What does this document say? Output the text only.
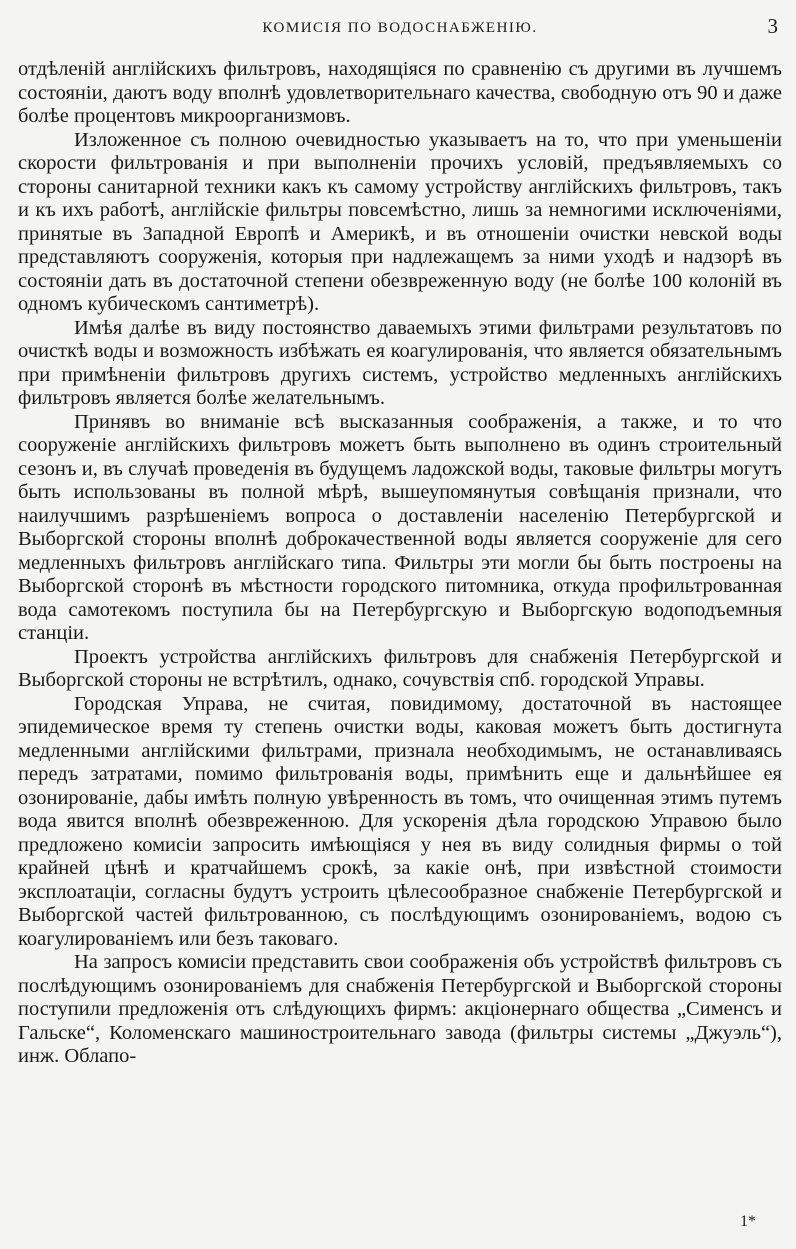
КОМИСІЯ ПО ВОДОСНАБЖЕНІЮ.	3

отдѣленій англійскихъ фильтровъ, находящіяся по сравненію съ другими въ лучшемъ состояніи, даютъ воду вполнѣ удовлетворительнаго качества, свободную отъ 90 и даже болѣе процентовъ микроорганизмовъ.

Изложенное съ полною очевидностью указываетъ на то, что при уменьшеніи скорости фильтрованія и при выполненіи прочихъ условій, предъявляемыхъ со стороны санитарной техники какъ къ самому устройству англійскихъ фильтровъ, такъ и къ ихъ работѣ, англійскіе фильтры повсемѣстно, лишь за немногими исключеніями, принятые въ Западной Европѣ и Америкѣ, и въ отношеніи очистки невской воды представляютъ сооруженія, которыя при надлежащемъ за ними уходѣ и надзорѣ въ состояніи дать въ достаточной степени обезвреженную воду (не болѣе 100 колоній въ одномъ кубическомъ сантиметрѣ).

Имѣя далѣе въ виду постоянство даваемыхъ этими фильтрами результатовъ по очисткѣ воды и возможность избѣжать ея коагулированія, что является обязательнымъ при примѣненіи фильтровъ другихъ системъ, устройство медленныхъ англійскихъ фильтровъ является болѣе желательнымъ.

Принявъ во вниманіе всѣ высказанныя соображенія, а также, и то что сооруженіе англійскихъ фильтровъ можетъ быть выполнено въ одинъ строительный сезонъ и, въ случаѣ проведенія въ будущемъ ладожской воды, таковые фильтры могутъ быть использованы въ полной мѣрѣ, вышеупомянутыя совѣщанія признали, что наилучшимъ разрѣшеніемъ вопроса о доставленіи населенію Петербургской и Выборгской стороны вполнѣ доброкачественной воды является сооруженіе для сего медленныхъ фильтровъ англійскаго типа. Фильтры эти могли бы быть построены на Выборгской сторонѣ въ мѣстности городского питомника, откуда профильтрованная вода самотекомъ поступила бы на Петербургскую и Выборгскую водоподъемныя станціи.

Проектъ устройства англійскихъ фильтровъ для снабженія Петербургской и Выборгской стороны не встрѣтилъ, однако, сочувствія спб. городской Управы.

Городская Управа, не считая, повидимому, достаточной въ настоящее эпидемическое время ту степень очистки воды, каковая можетъ быть достигнута медленными англійскими фильтрами, признала необходимымъ, не останавливаясь передъ затратами, помимо фильтрованія воды, примѣнить еще и дальнѣйшее ея озонированіе, дабы имѣть полную увѣренность въ томъ, что очищенная этимъ путемъ вода явится вполнѣ обезвреженною. Для ускоренія дѣла городскою Управою было предложено комисіи запросить имѣющіяся у нея въ виду солидныя фирмы о той крайней цѣнѣ и кратчайшемъ срокѣ, за какіе онѣ, при извѣстной стоимости эксплоатаціи, согласны будутъ устроить цѣлесообразное снабженіе Петербургской и Выборгской частей фильтрованною, съ послѣдующимъ озонированіемъ, водою съ коагулированіемъ или безъ таковаго.

На запросъ комисіи представить свои соображенія объ устройствѣ фильтровъ съ послѣдующимъ озонированіемъ для снабженія Петербургской и Выборгской стороны поступили предложенія отъ слѣдующихъ фирмъ: акціонернаго общества „Сименсъ и Гальске“, Коломенскаго машиностроительнаго завода (фильтры системы „Джуэль“), инж. Облапо-

1*
